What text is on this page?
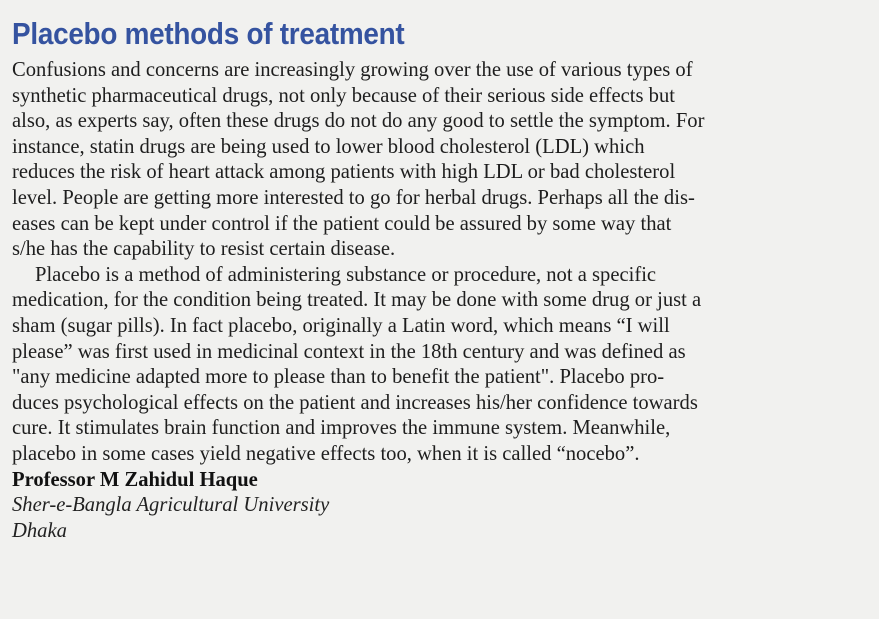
Placebo methods of treatment
Confusions and concerns are increasingly growing over the use of various types of
synthetic pharmaceutical drugs, not only because of their serious side effects but
also, as experts say, often these drugs do not do any good to settle the symptom. For
instance, statin drugs are being used to lower blood cholesterol (LDL) which
reduces the risk of heart attack among patients with high LDL or bad cholesterol
level. People are getting more interested to go for herbal drugs. Perhaps all the dis-
eases can be kept under control if the patient could be assured by some way that
s/he has the capability to resist certain disease.
Placebo is a method of administering substance or procedure, not a specific
medication, for the condition being treated. It may be done with some drug or just a
sham (sugar pills). In fact placebo, originally a Latin word, which means “I will
please” was first used in medicinal context in the 18th century and was defined as
"any medicine adapted more to please than to benefit the patient". Placebo pro-
duces psychological effects on the patient and increases his/her confidence towards
cure. It stimulates brain function and improves the immune system. Meanwhile,
placebo in some cases yield negative effects too, when it is called “nocebo”.
Professor M Zahidul Haque
Sher-e-Bangla Agricultural University
Dhaka
